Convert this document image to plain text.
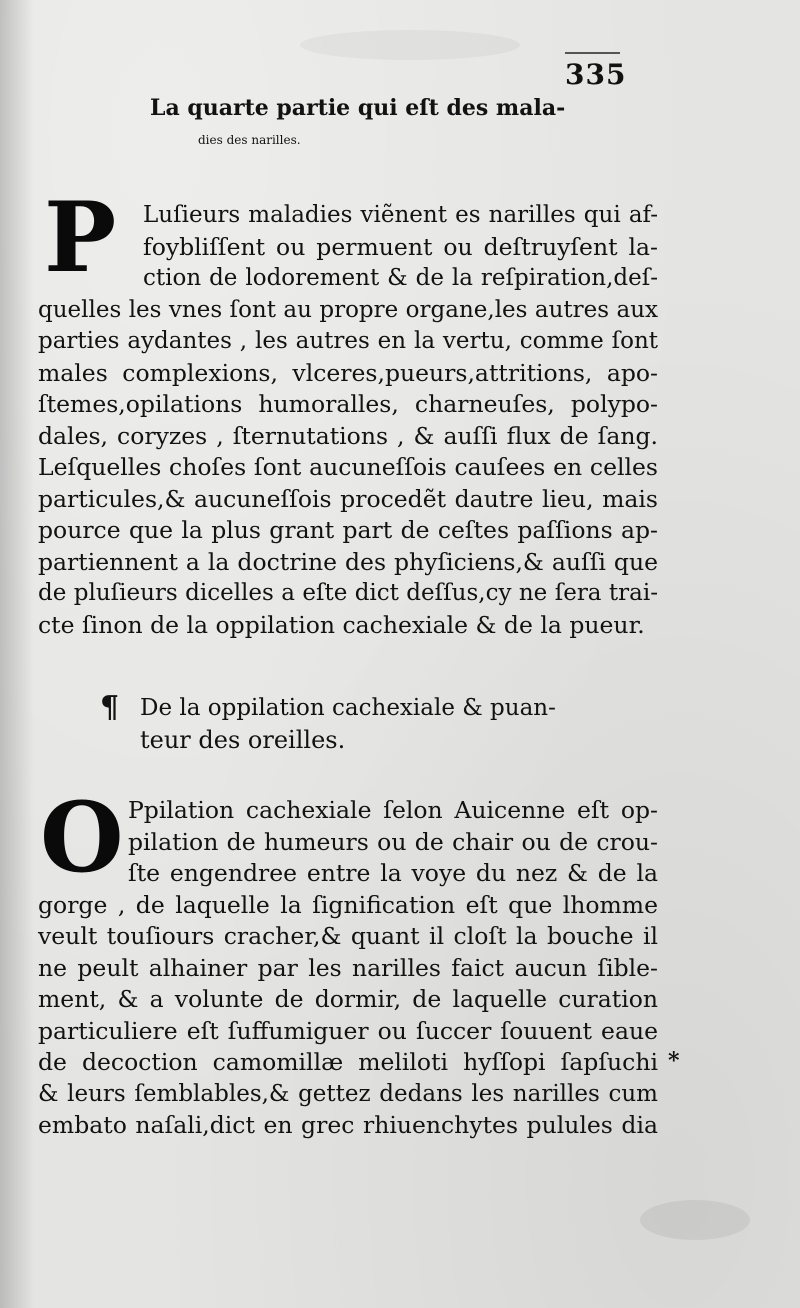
335
La quarte partie qui eſt des mala-
dies des narilles.
P Luſieurs maladies viẽnent es narilles qui af-
foybliſſent ou permuent ou deſtruyſent la-
ction de lodorement & de la reſpiration,deſ-
quelles les vnes ſont au propre organe,les autres aux
parties aydantes , les autres en la vertu, comme ſont
males complexions, vlceres,pueurs,attritions, apo-
ſtemes,opilations humoralles, charneuſes, polypo-
dales, coryzes , ſternutations , & auſſi flux de ſang.
Leſquelles choſes ſont aucuneſſois cauſees en celles
particules,& aucuneſſois procedẽt dautre lieu, mais
pource que la plus grant part de ceſtes paſſions ap-
partiennent a la doctrine des phyſiciens,& auſſi que
de pluſieurs dicelles a eſte dict deſſus,cy ne ſera trai-
cte ſinon de la oppilation cachexiale & de la pueur.
¶ De la oppilation cachexiale & puan-
teur des oreilles.
O Ppilation cachexiale ſelon Auicenne eſt op-
pilation de humeurs ou de chair ou de crou-
ſte engendree entre la voye du nez & de la
gorge , de laquelle la ſignification eſt que lhomme
veult touſiours cracher,& quant il cloſt la bouche il
ne peult alhainer par les narilles faict aucun ſible-
ment, & a volunte de dormir, de laquelle curation
particuliere eſt ſuffumiguer ou ſuccer ſouuent eaue
de decoction camomillæ meliloti hyſſopi ſapſuchi
& leurs ſemblables,& gettez dedans les narilles cum
embato naſali,dict en grec rhiuenchytes pulules dia
*
